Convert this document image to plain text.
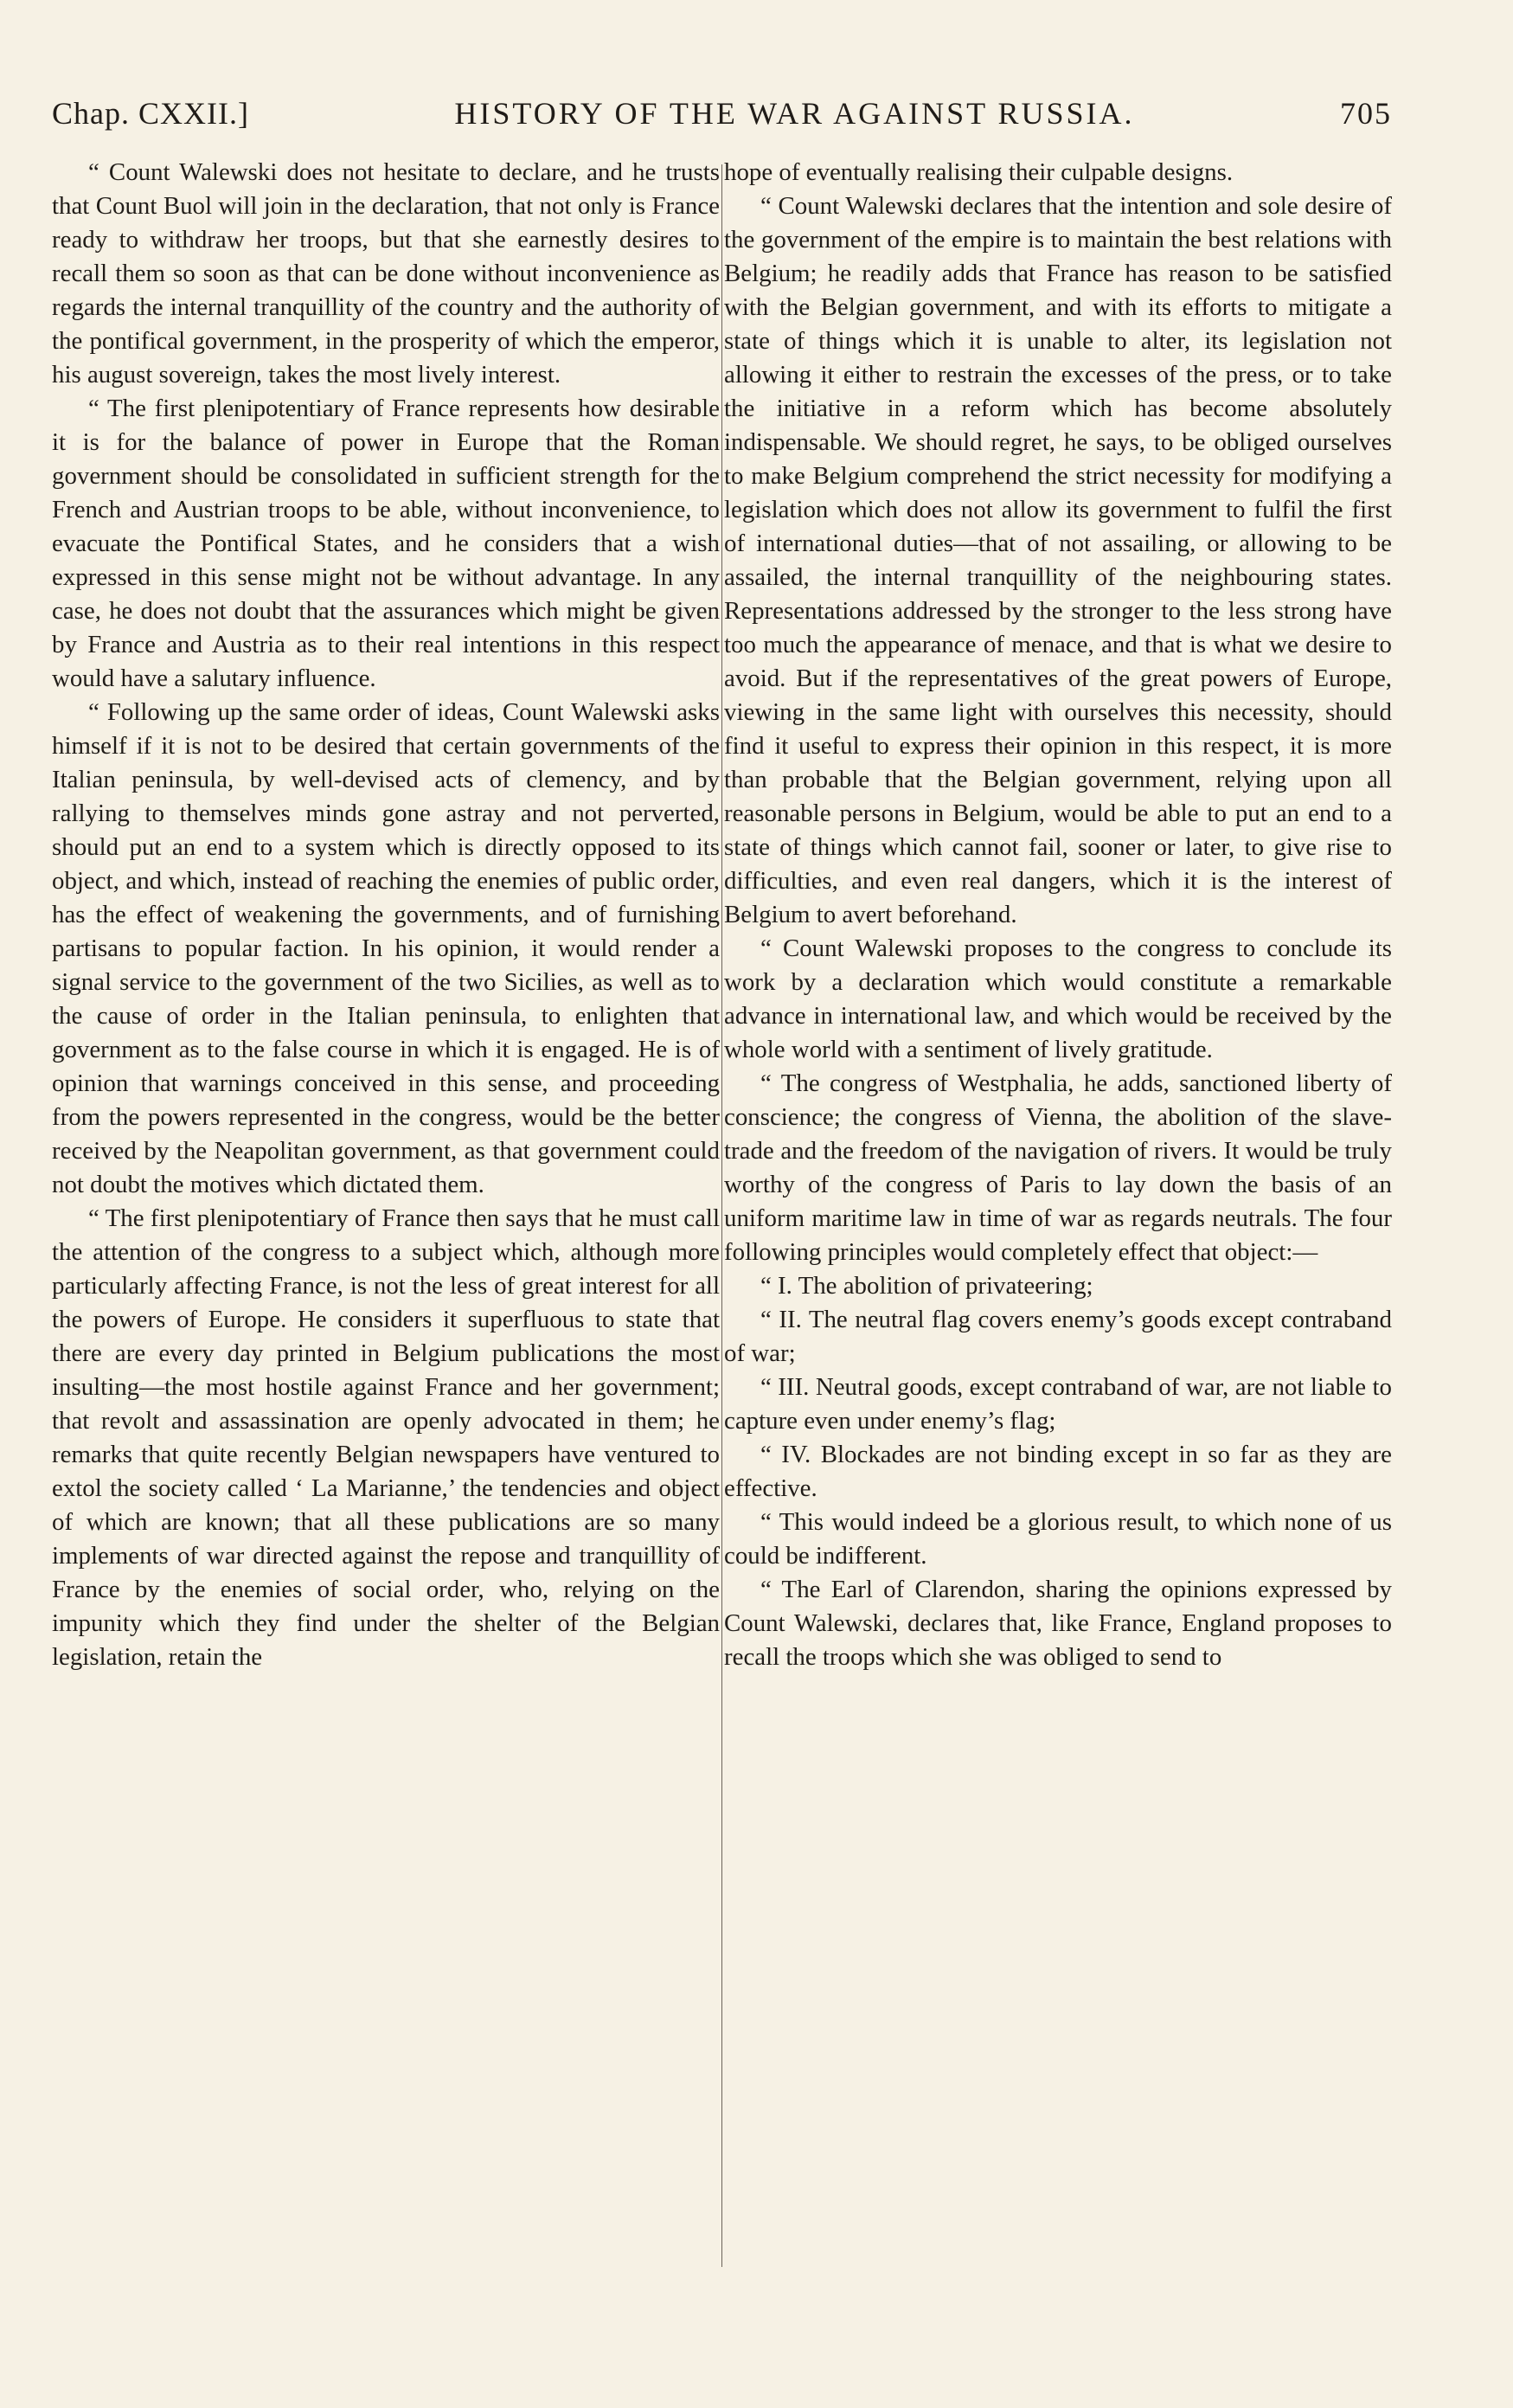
Chap. CXXII.]	HISTORY OF THE WAR AGAINST RUSSIA.	705

“ Count Walewski does not hesitate to declare, and he trusts that Count Buol will join in the declaration, that not only is France ready to withdraw her troops, but that she earnestly desires to recall them so soon as that can be done without inconvenience as regards the internal tranquillity of the country and the authority of the pontifical government, in the prosperity of which the emperor, his august sovereign, takes the most lively interest.

“ The first plenipotentiary of France represents how desirable it is for the balance of power in Europe that the Roman government should be consolidated in sufficient strength for the French and Austrian troops to be able, without inconvenience, to evacuate the Pontifical States, and he considers that a wish expressed in this sense might not be without advantage. In any case, he does not doubt that the assurances which might be given by France and Austria as to their real intentions in this respect would have a salutary influence.

“ Following up the same order of ideas, Count Walewski asks himself if it is not to be desired that certain governments of the Italian peninsula, by well-devised acts of clemency, and by rallying to themselves minds gone astray and not perverted, should put an end to a system which is directly opposed to its object, and which, instead of reaching the enemies of public order, has the effect of weakening the governments, and of furnishing partisans to popular faction. In his opinion, it would render a signal service to the government of the two Sicilies, as well as to the cause of order in the Italian peninsula, to enlighten that government as to the false course in which it is engaged. He is of opinion that warnings conceived in this sense, and proceeding from the powers represented in the congress, would be the better received by the Neapolitan government, as that government could not doubt the motives which dictated them.

“ The first plenipotentiary of France then says that he must call the attention of the congress to a subject which, although more particularly affecting France, is not the less of great interest for all the powers of Europe. He considers it superfluous to state that there are every day printed in Belgium publications the most insulting—the most hostile against France and her government; that revolt and assassination are openly advocated in them; he remarks that quite recently Belgian newspapers have ventured to extol the society called ‘ La Marianne,’ the tendencies and object of which are known; that all these publications are so many implements of war directed against the repose and tranquillity of France by the enemies of social order, who, relying on the impunity which they find under the shelter of the Belgian legislation, retain the

hope of eventually realising their culpable designs.

“ Count Walewski declares that the intention and sole desire of the government of the empire is to maintain the best relations with Belgium; he readily adds that France has reason to be satisfied with the Belgian government, and with its efforts to mitigate a state of things which it is unable to alter, its legislation not allowing it either to restrain the excesses of the press, or to take the initiative in a reform which has become absolutely indispensable. We should regret, he says, to be obliged ourselves to make Belgium comprehend the strict necessity for modifying a legislation which does not allow its government to fulfil the first of international duties—that of not assailing, or allowing to be assailed, the internal tranquillity of the neighbouring states. Representations addressed by the stronger to the less strong have too much the appearance of menace, and that is what we desire to avoid. But if the representatives of the great powers of Europe, viewing in the same light with ourselves this necessity, should find it useful to express their opinion in this respect, it is more than probable that the Belgian government, relying upon all reasonable persons in Belgium, would be able to put an end to a state of things which cannot fail, sooner or later, to give rise to difficulties, and even real dangers, which it is the interest of Belgium to avert beforehand.

“ Count Walewski proposes to the congress to conclude its work by a declaration which would constitute a remarkable advance in international law, and which would be received by the whole world with a sentiment of lively gratitude.

“ The congress of Westphalia, he adds, sanctioned liberty of conscience; the congress of Vienna, the abolition of the slave-trade and the freedom of the navigation of rivers. It would be truly worthy of the congress of Paris to lay down the basis of an uniform maritime law in time of war as regards neutrals. The four following principles would completely effect that object:—

“ I. The abolition of privateering;

“ II. The neutral flag covers enemy’s goods except contraband of war;

“ III. Neutral goods, except contraband of war, are not liable to capture even under enemy’s flag;

“ IV. Blockades are not binding except in so far as they are effective.

“ This would indeed be a glorious result, to which none of us could be indifferent.

“ The Earl of Clarendon, sharing the opinions expressed by Count Walewski, declares that, like France, England proposes to recall the troops which she was obliged to send to
